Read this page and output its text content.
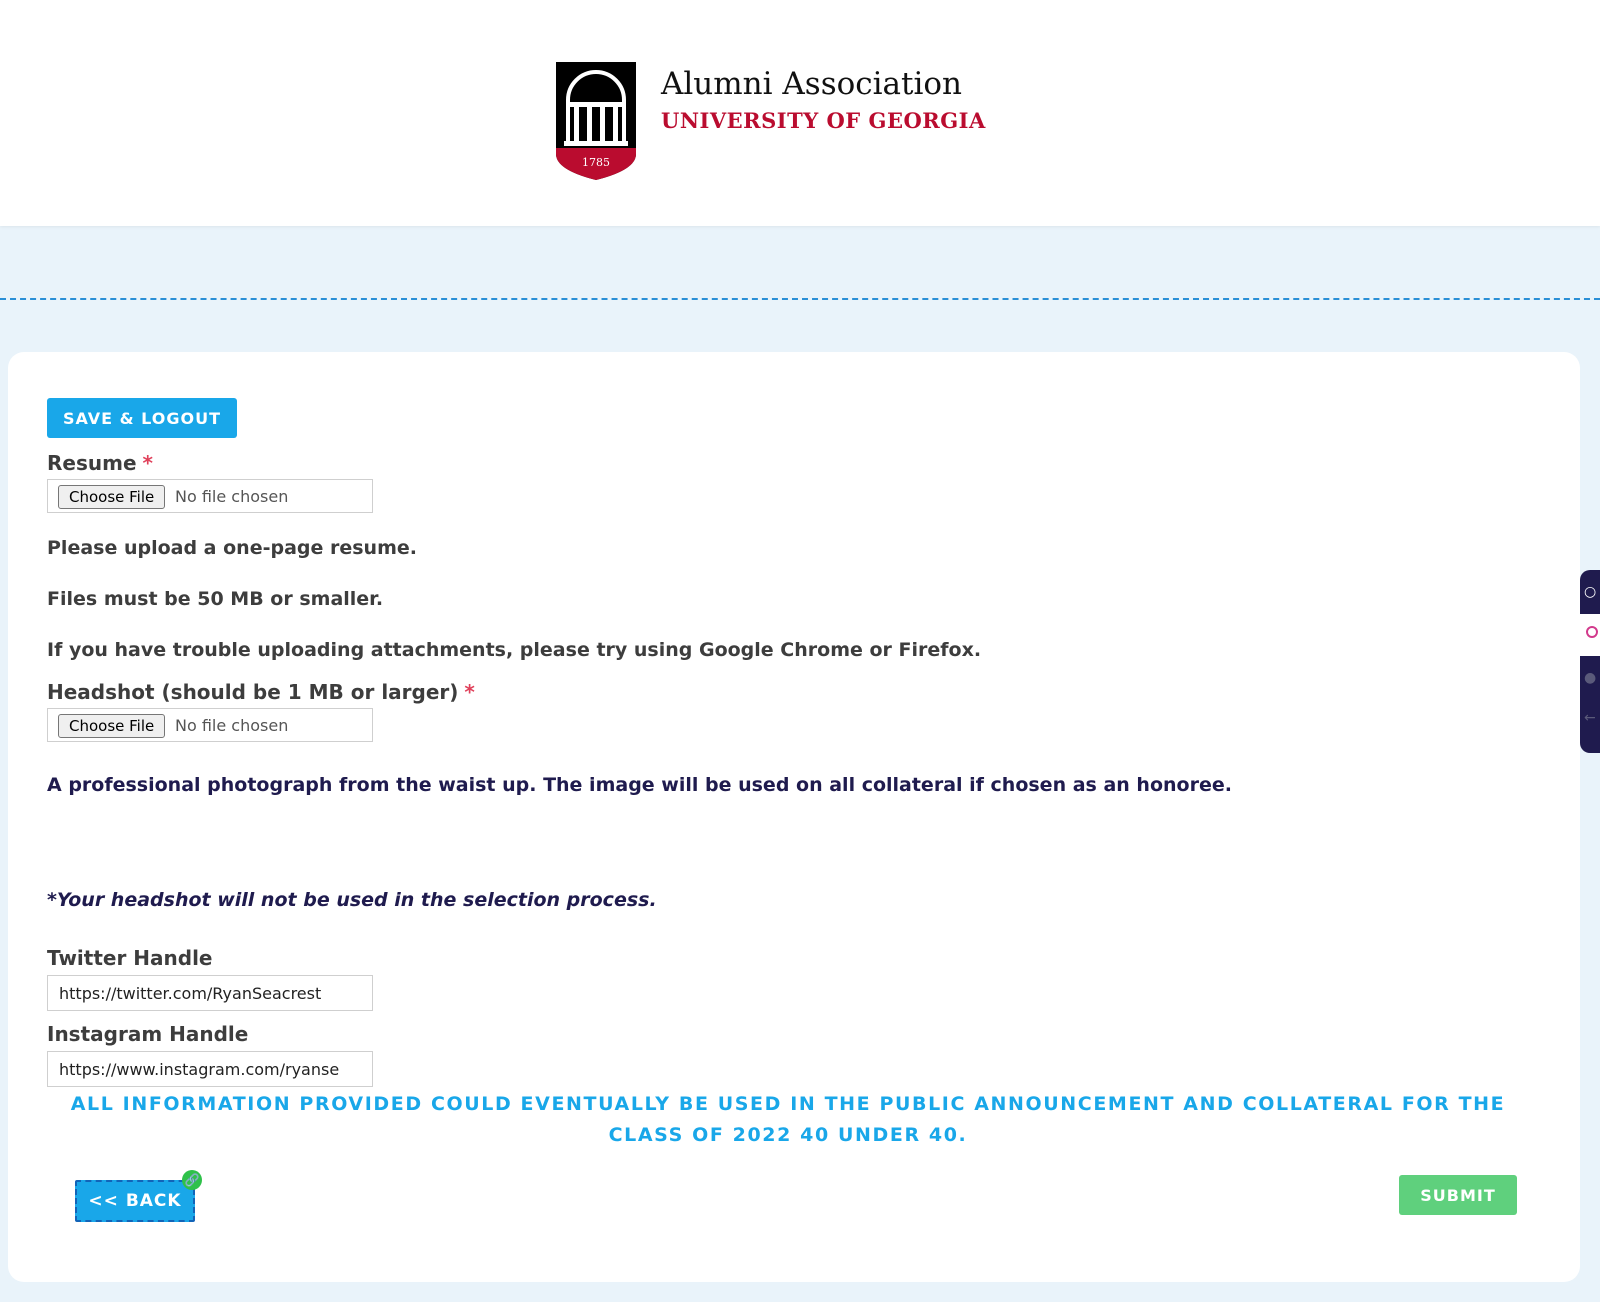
1785
Alumni Association
UNIVERSITY OF GEORGIA
SAVE & LOGOUT
Resume *
Choose File	No file chosen
Please upload a one-page resume.
Files must be 50 MB or smaller.
If you have trouble uploading attachments, please try using Google Chrome or Firefox.
Headshot (should be 1 MB or larger) *
Choose File	No file chosen
A professional photograph from the waist up. The image will be used on all collateral if chosen as an honoree.
*Your headshot will not be used in the selection process.
Twitter Handle
https://twitter.com/RyanSeacrest
Instagram Handle
https://www.instagram.com/ryanse
ALL INFORMATION PROVIDED COULD EVENTUALLY BE USED IN THE PUBLIC ANNOUNCEMENT AND COLLATERAL FOR THE CLASS OF 2022 40 UNDER 40.
<< BACK
🔗
SUBMIT
○
●
←
